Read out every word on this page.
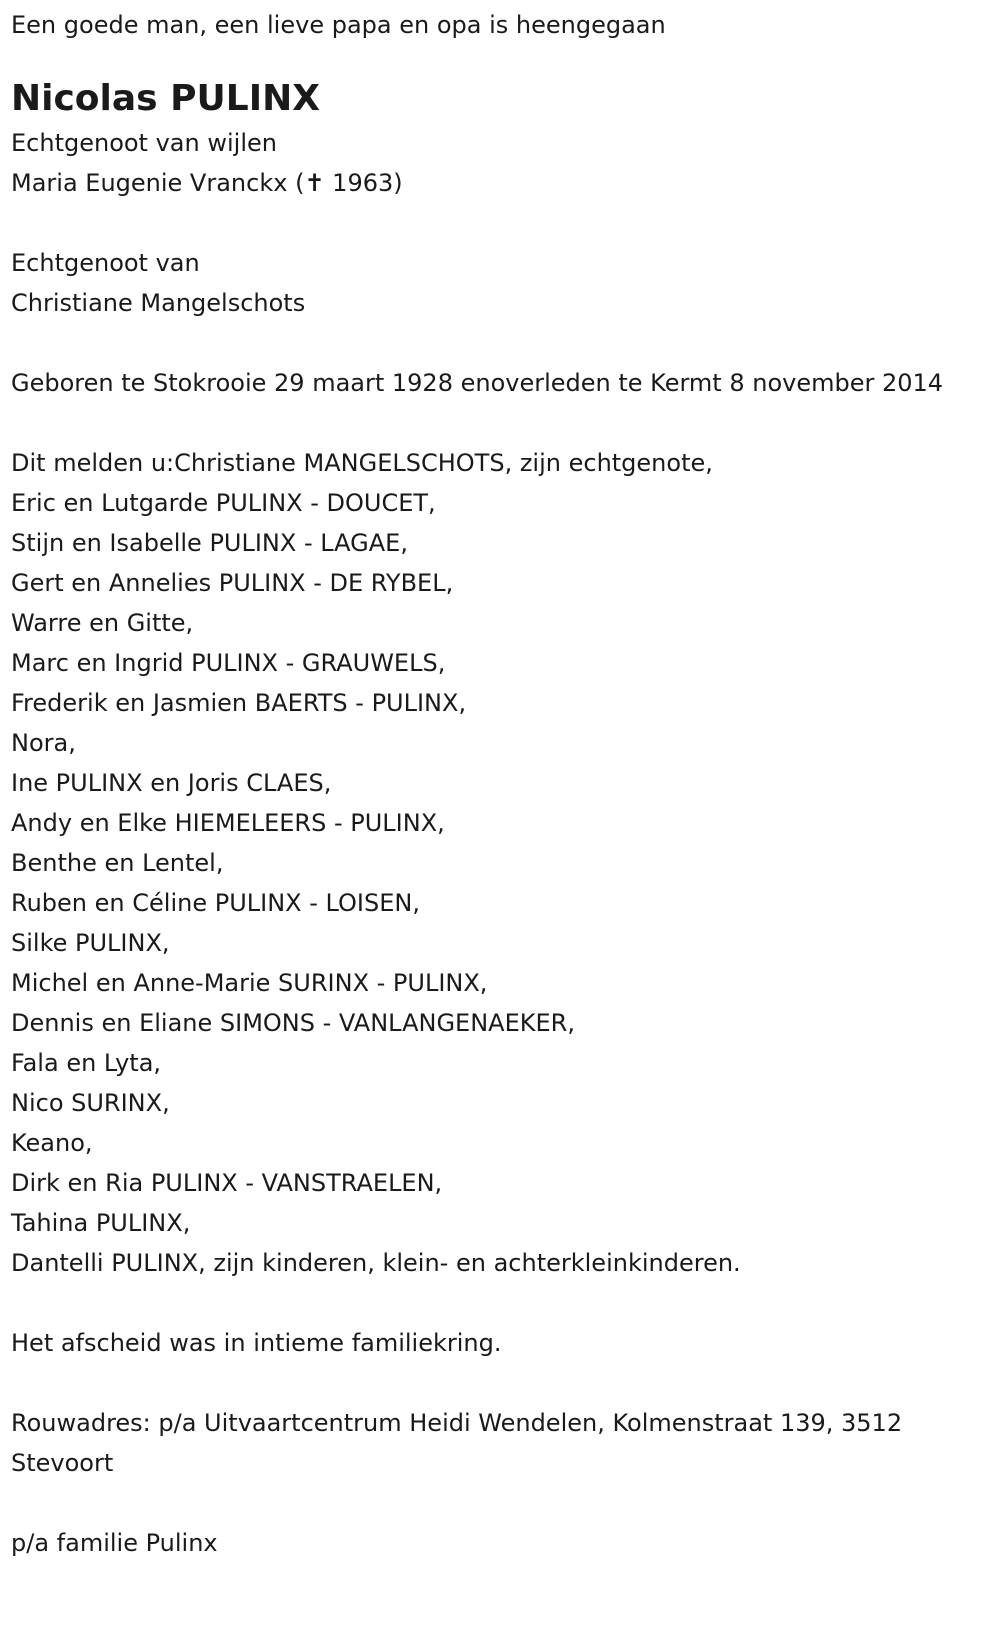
Een goede man, een lieve papa en opa is heengegaan

Nicolas PULINX

Echtgenoot van wijlen

Maria Eugenie Vranckx (✝ 1963)

Echtgenoot van

Christiane Mangelschots

Geboren te Stokrooie 29 maart 1928 enoverleden te Kermt 8 november 2014

Dit melden u:Christiane MANGELSCHOTS, zijn echtgenote,

Eric en Lutgarde PULINX - DOUCET,

Stijn en Isabelle PULINX - LAGAE,

Gert en Annelies PULINX - DE RYBEL,

Warre en Gitte,

Marc en Ingrid PULINX - GRAUWELS,

Frederik en Jasmien BAERTS - PULINX,

Nora,

Ine PULINX en Joris CLAES,

Andy en Elke HIEMELEERS - PULINX,

Benthe en Lentel,

Ruben en Céline PULINX - LOISEN,

Silke PULINX,

Michel en Anne-Marie SURINX - PULINX,

Dennis en Eliane SIMONS - VANLANGENAEKER,

Fala en Lyta,

Nico SURINX,

Keano,

Dirk en Ria PULINX - VANSTRAELEN,

Tahina PULINX,

Dantelli PULINX, zijn kinderen, klein- en achterkleinkinderen.

Het afscheid was in intieme familiekring.

Rouwadres: p/a Uitvaartcentrum Heidi Wendelen, Kolmenstraat 139, 3512 Stevoort

p/a familie Pulinx
